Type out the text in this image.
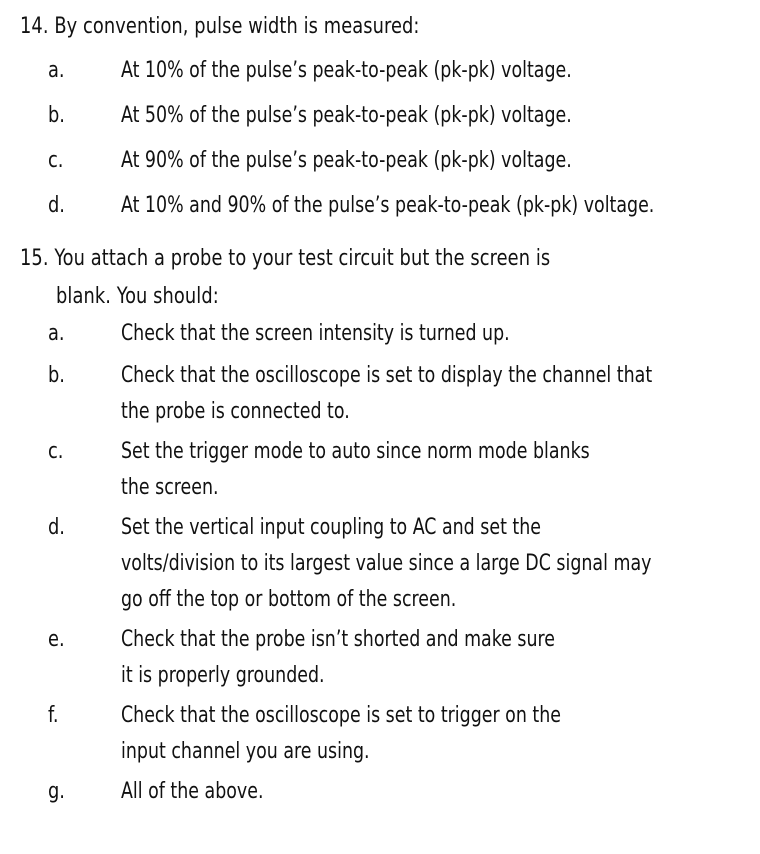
14. By convention, pulse width is measured:

a.	At 10% of the pulse’s peak-to-peak (pk-pk) voltage.
b.	At 50% of the pulse’s peak-to-peak (pk-pk) voltage.
c.	At 90% of the pulse’s peak-to-peak (pk-pk) voltage.
d.	At 10% and 90% of the pulse’s peak-to-peak (pk-pk) voltage.

15. You attach a probe to your test circuit but the screen is
blank. You should:

a.	Check that the screen intensity is turned up.
b.	Check that the oscilloscope is set to display the channel that
the probe is connected to.
c.	Set the trigger mode to auto since norm mode blanks
the screen.
d.	Set the vertical input coupling to AC and set the
volts/division to its largest value since a large DC signal may
go off the top or bottom of the screen.
e.	Check that the probe isn’t shorted and make sure
it is properly grounded.
f.	Check that the oscilloscope is set to trigger on the
input channel you are using.
g.	All of the above.
